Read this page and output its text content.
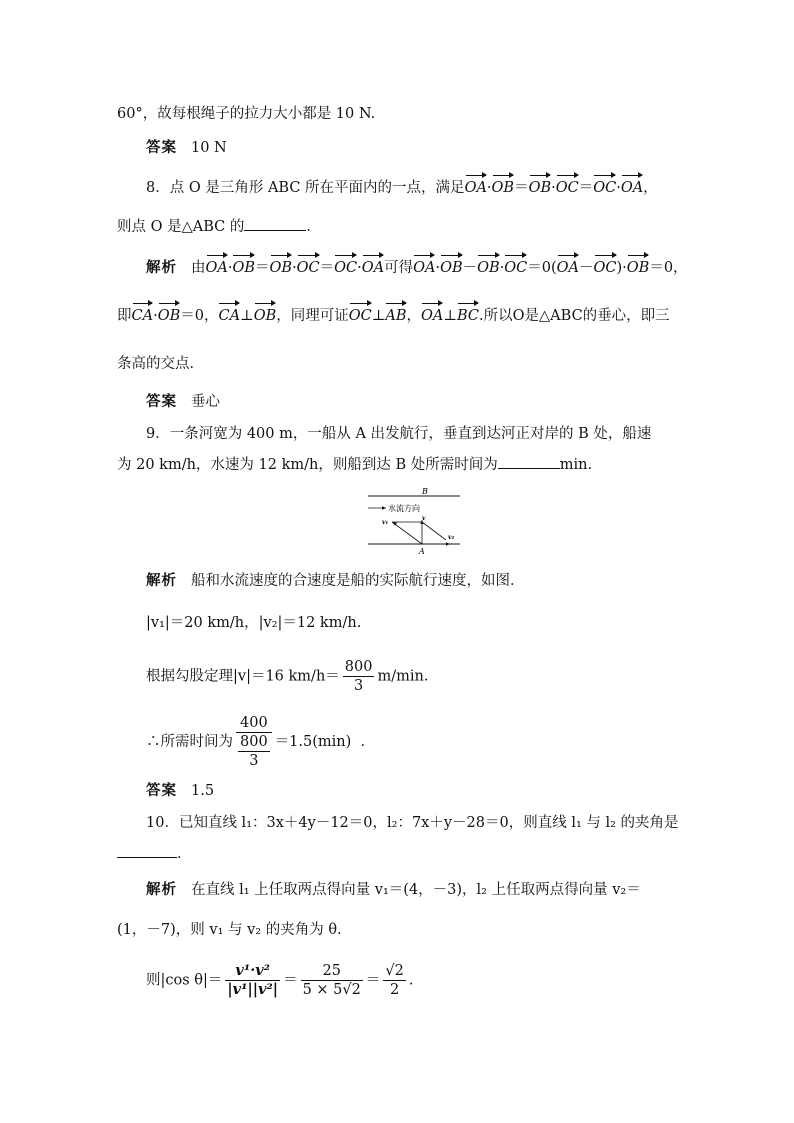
60°，故每根绳子的拉力大小都是 10 N.
答案 10 N
8．点 O 是三角形 ABC 所在平面内的一点，满足OA·OB＝OB·OC＝OC·OA，
则点 O 是△ABC 的	．
解析 由OA·OB＝OB·OC＝OC·OA可得OA·OB－OB·OC＝0(OA－OC)·OB＝0，
即CA·OB＝0，CA⊥OB，同理可证OC⊥AB，OA⊥BC.所以O是△ABC的垂心，即三
条高的交点．
答案 垂心
9．一条河宽为 400 m，一船从 A 出发航行，垂直到达河正对岸的 B 处，船速
为 20 km/h，水速为 12 km/h，则船到达 B 处所需时间为	min.
B
水流方向
v
v₁
v₂
A
解析 船和水流速度的合速度是船的实际航行速度，如图．
|v₁|＝20 km/h，|v₂|＝12 km/h.
根据勾股定理|v|＝16 $km/h= \frac{800}{3} m/\min$.
∴所需时间为 400
800
3 ＝1.5(min) ．
答案 1.5
10．已知直线 l₁：3x＋4y－12＝0，l₂：7x＋y－28＝0，则直线 l₁ 与 l₂ 的夹角是
．
解析 在直线 l₁ 上任取两点得向量 v₁＝(4，－3)，l₂ 上任取两点得向量 v₂＝
(1，－7)，则 v₁ 与 v₂ 的夹角为 θ.
则|cos $\theta|= \frac{\text{v¹·v²}}{\text{|v¹||v²|}} = \frac{25}{5 \times 5√2} = \frac{√2}{2}$ .
